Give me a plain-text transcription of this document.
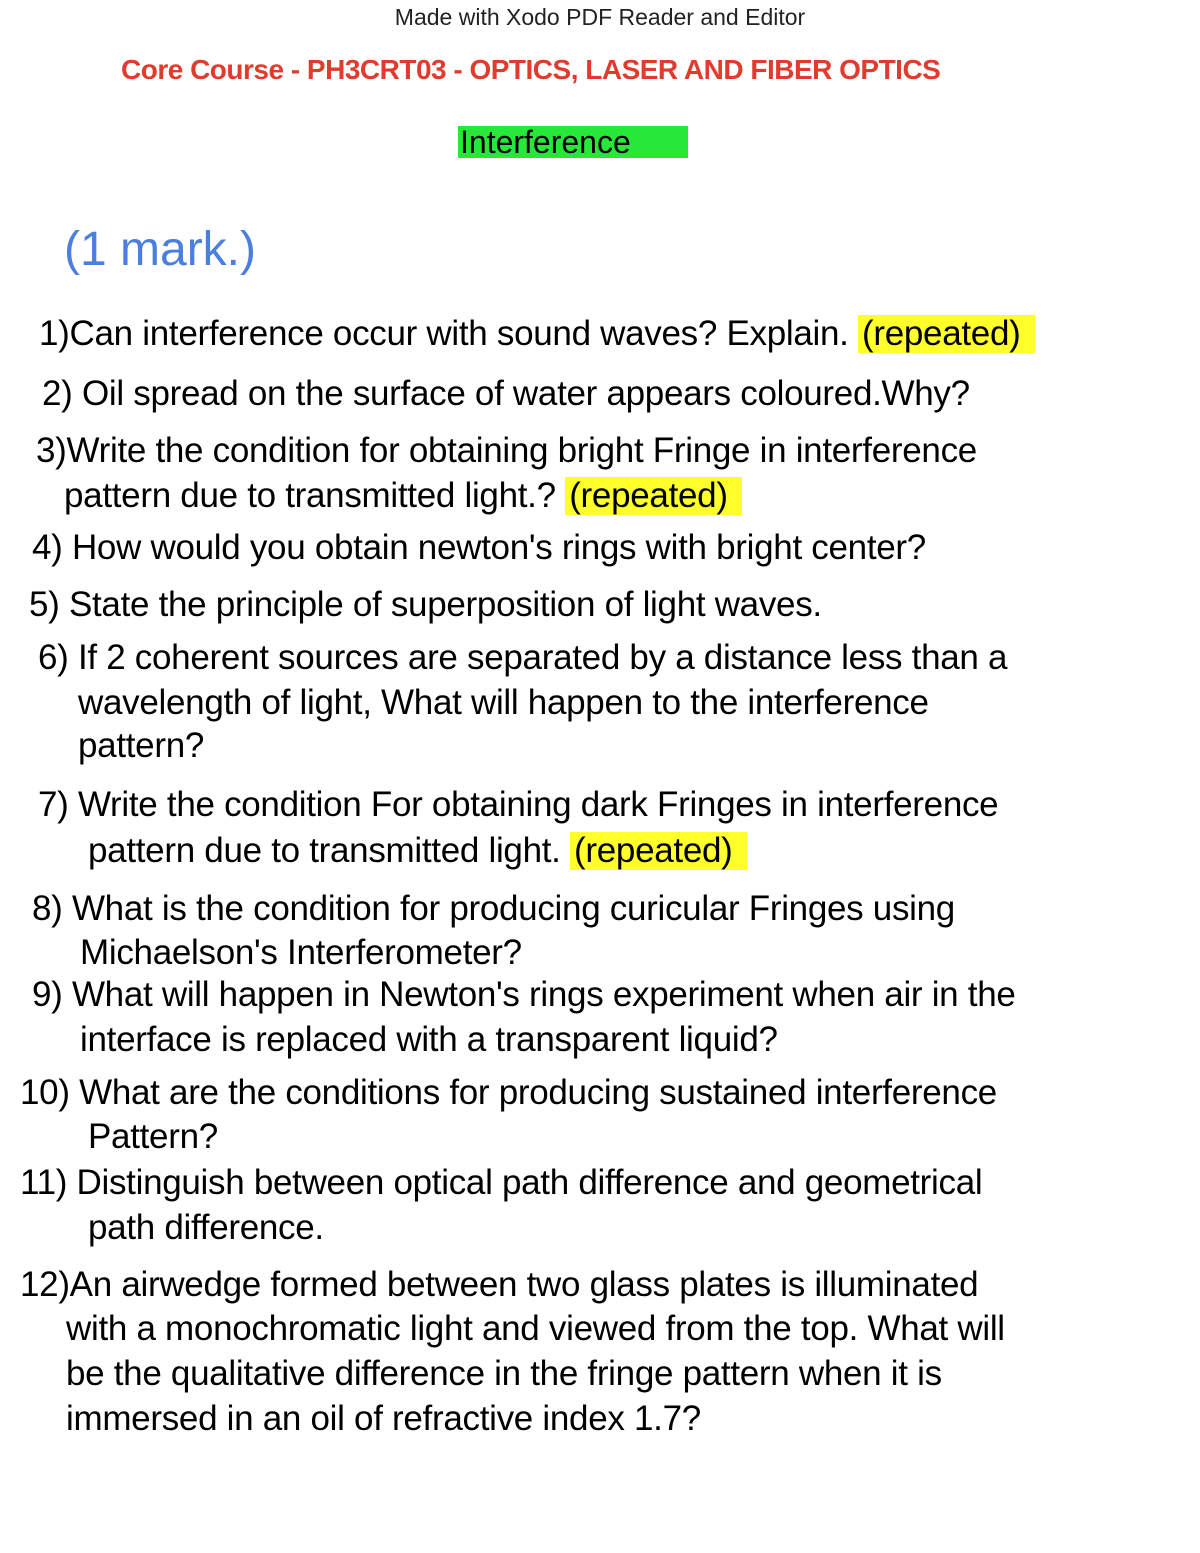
Made with Xodo PDF Reader and Editor
Core Course - PH3CRT03 - OPTICS, LASER AND FIBER OPTICS
Interference
(1 mark.)
1)Can interference occur with sound waves? Explain. (repeated)
2) Oil spread on the surface of water appears coloured.Why?
3)Write the condition for obtaining bright Fringe in interference
pattern due to transmitted light.? (repeated)
4) How would you obtain newton's rings with bright center?
5) State the principle of superposition of light waves.
6) If 2 coherent sources are separated by a distance less than a
wavelength of light, What will happen to the interference
pattern?
7) Write the condition For obtaining dark Fringes in interference
pattern due to transmitted light. (repeated)
8) What is the condition for producing curicular Fringes using
Michaelson's Interferometer?
9) What will happen in Newton's rings experiment when air in the
interface is replaced with a transparent liquid?
10) What are the conditions for producing sustained interference
Pattern?
11) Distinguish between optical path difference and geometrical
path difference.
12)An airwedge formed between two glass plates is illuminated
with a monochromatic light and viewed from the top. What will
be the qualitative difference in the fringe pattern when it is
immersed in an oil of refractive index 1.7?
